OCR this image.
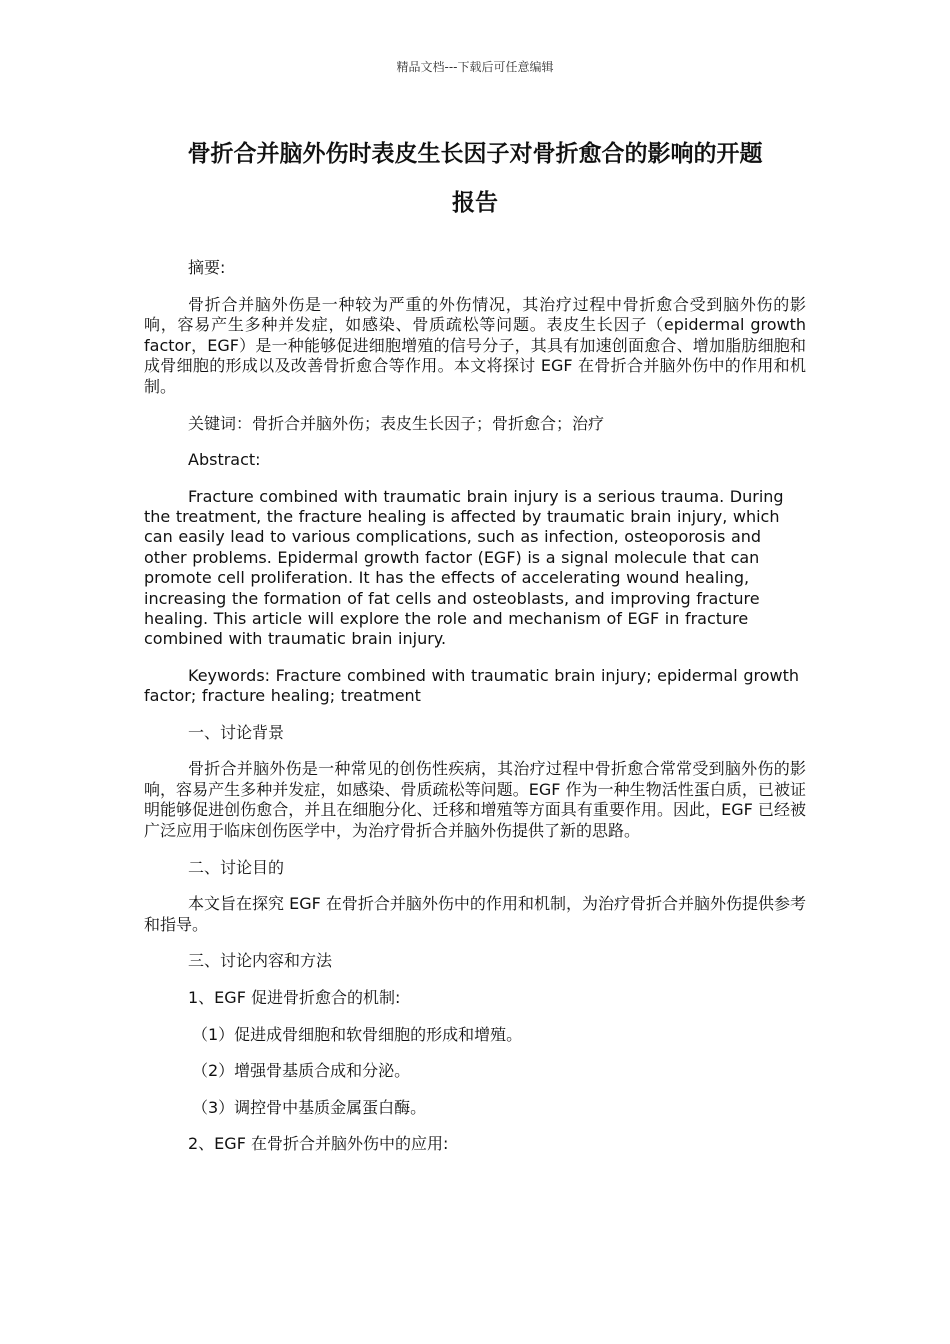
精品文档---下载后可任意编辑
骨折合并脑外伤时表皮生长因子对骨折愈合的影响的开题
报告

摘要:

骨折合并脑外伤是一种较为严重的外伤情况，其治疗过程中骨折愈合受到脑外伤的影响，容易产生多种并发症，如感染、骨质疏松等问题。表皮生长因子（epidermal growth factor，EGF）是一种能够促进细胞增殖的信号分子，其具有加速创面愈合、增加脂肪细胞和成骨细胞的形成以及改善骨折愈合等作用。本文将探讨 EGF 在骨折合并脑外伤中的作用和机制。

关键词：骨折合并脑外伤；表皮生长因子；骨折愈合；治疗

Abstract:

Fracture combined with traumatic brain injury is a serious trauma. During the treatment, the fracture healing is affected by traumatic brain injury, which can easily lead to various complications, such as infection, osteoporosis and other problems. Epidermal growth factor (EGF) is a signal molecule that can promote cell proliferation. It has the effects of accelerating wound healing, increasing the formation of fat cells and osteoblasts, and improving fracture healing. This article will explore the role and mechanism of EGF in fracture combined with traumatic brain injury.

Keywords: Fracture combined with traumatic brain injury; epidermal growth factor; fracture healing; treatment

一、讨论背景

骨折合并脑外伤是一种常见的创伤性疾病，其治疗过程中骨折愈合常常受到脑外伤的影响，容易产生多种并发症，如感染、骨质疏松等问题。EGF 作为一种生物活性蛋白质，已被证明能够促进创伤愈合，并且在细胞分化、迁移和增殖等方面具有重要作用。因此，EGF 已经被广泛应用于临床创伤医学中，为治疗骨折合并脑外伤提供了新的思路。

二、讨论目的

本文旨在探究 EGF 在骨折合并脑外伤中的作用和机制，为治疗骨折合并脑外伤提供参考和指导。

三、讨论内容和方法

1、EGF 促进骨折愈合的机制:

（1）促进成骨细胞和软骨细胞的形成和增殖。

（2）增强骨基质合成和分泌。

（3）调控骨中基质金属蛋白酶。

2、EGF 在骨折合并脑外伤中的应用:
